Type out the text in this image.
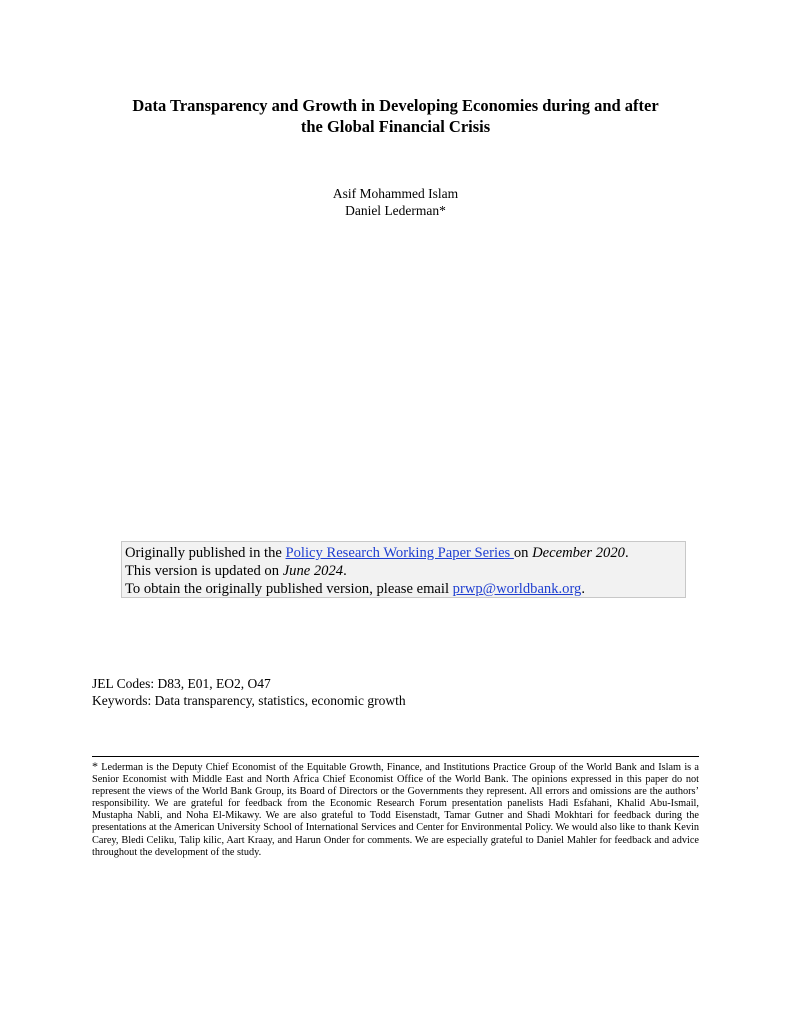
Data Transparency and Growth in Developing Economies during and after
the Global Financial Crisis
Asif Mohammed Islam
Daniel Lederman*
Originally published in the Policy Research Working Paper Series on December 2020.
This version is updated on June 2024.
To obtain the originally published version, please email prwp@worldbank.org.
JEL Codes: D83, E01, EO2, O47
Keywords: Data transparency, statistics, economic growth
* Lederman is the Deputy Chief Economist of the Equitable Growth, Finance, and Institutions Practice Group of the World Bank and Islam is a Senior Economist with Middle East and North Africa Chief Economist Office of the World Bank. The opinions expressed in this paper do not represent the views of the World Bank Group, its Board of Directors or the Governments they represent. All errors and omissions are the authors’ responsibility. We are grateful for feedback from the Economic Research Forum presentation panelists Hadi Esfahani, Khalid Abu-Ismail, Mustapha Nabli, and Noha El-Mikawy. We are also grateful to Todd Eisenstadt, Tamar Gutner and Shadi Mokhtari for feedback during the presentations at the American University School of International Services and Center for Environmental Policy. We would also like to thank Kevin Carey, Bledi Celiku, Talip kilic, Aart Kraay, and Harun Onder for comments. We are especially grateful to Daniel Mahler for feedback and advice throughout the development of the study.
